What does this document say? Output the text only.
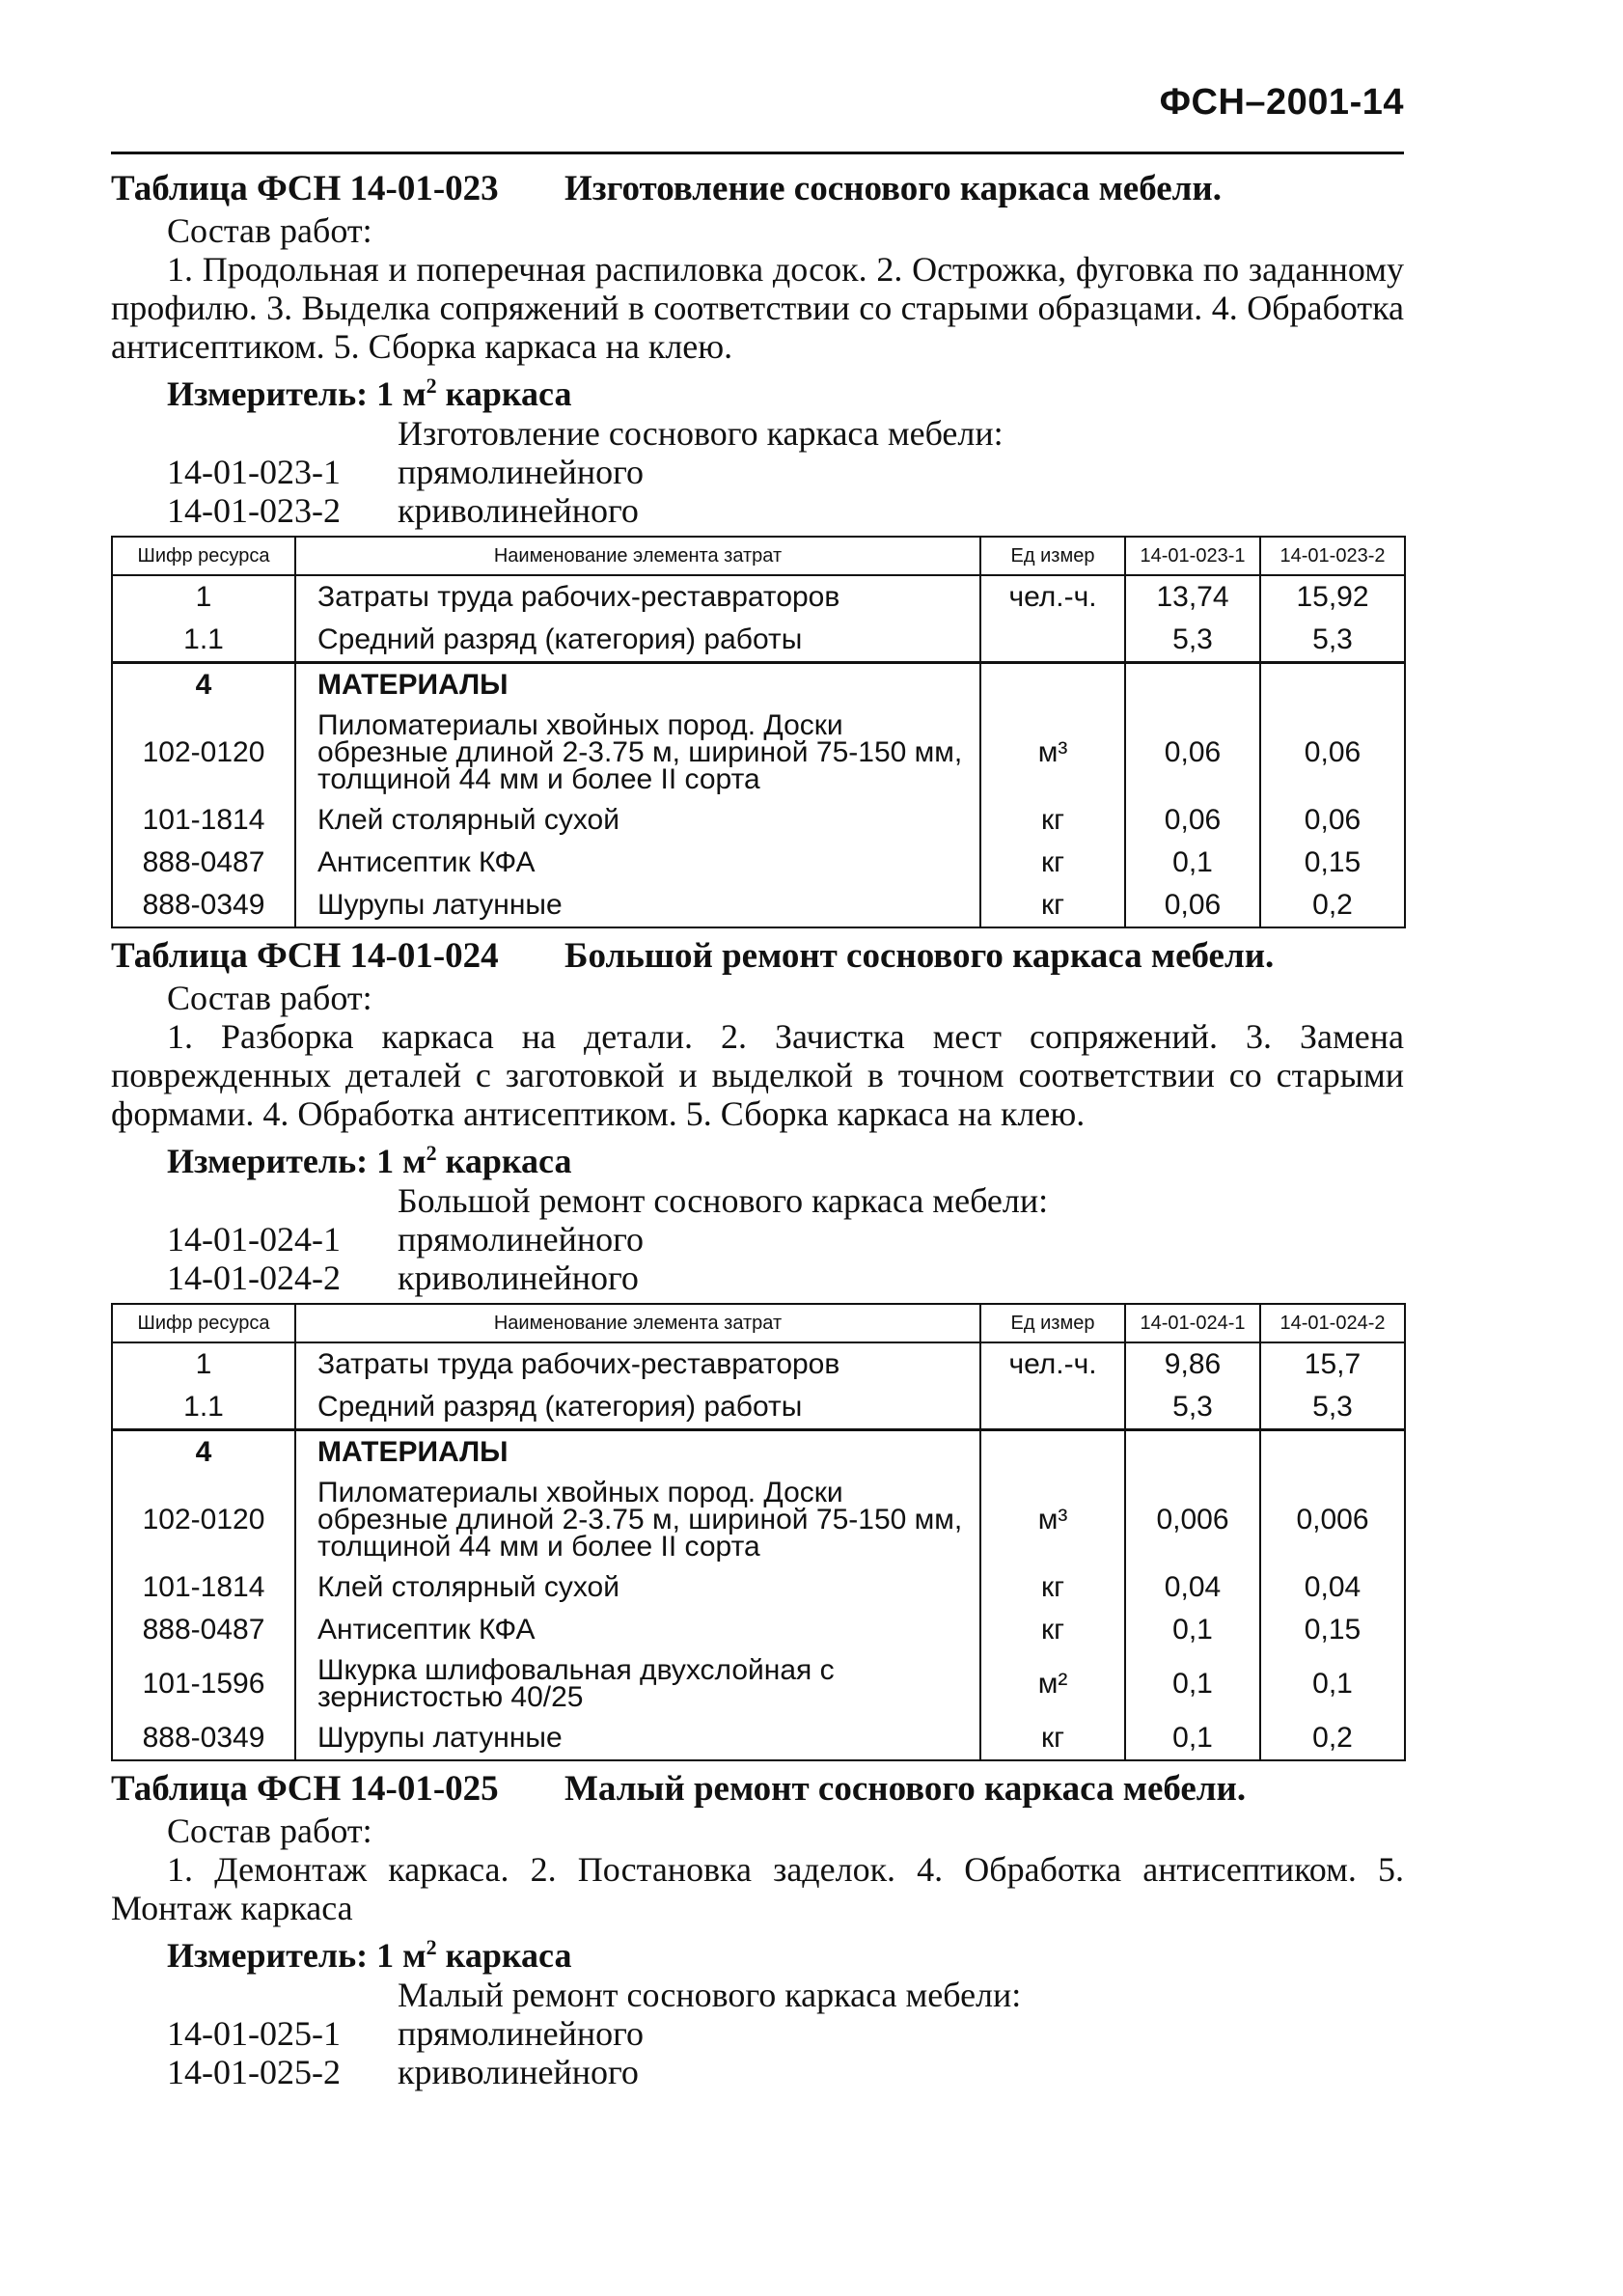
ФСН–2001-14
Таблица ФСН 14-01-023 Изготовление соснового каркаса мебели.
Состав работ:
1. Продольная и поперечная распиловка досок. 2. Острожка, фуговка по заданному профилю. 3. Выделка сопряжений в соответствии со старыми образцами. 4. Обработка антисептиком. 5. Сборка каркаса на клею.
Измеритель: 1 $м^2$ каркаса
Изготовление соснового каркаса мебели:
14-01-023-1 прямолинейного
14-01-023-2 криволинейного
Шифр ресурса	Наименование элемента затрат	Ед измер	14-01-023-1	14-01-023-2
1	Затраты труда рабочих-реставраторов	чел.-ч.	13,74	15,92
1.1	Средний разряд (категория) работы		5,3	5,3
4	МАТЕРИАЛЫ			
102-0120	Пиломатериалы хвойных пород. Доски обрезные длиной 2-3.75 м, шириной 75-150 мм, толщиной 44 мм и более II сорта	м³	0,06	0,06
101-1814	Клей столярный сухой	кг	0,06	0,06
888-0487	Антисептик КФА	кг	0,1	0,15
888-0349	Шурупы латунные	кг	0,06	0,2
Таблица ФСН 14-01-024 Большой ремонт соснового каркаса мебели.
Состав работ:
1. Разборка каркаса на детали. 2. Зачистка мест сопряжений. 3. Замена поврежденных деталей с заготовкой и выделкой в точном соответствии со старыми формами. 4. Обработка антисептиком. 5. Сборка каркаса на клею.
Измеритель: 1 $м^2$ каркаса
Большой ремонт соснового каркаса мебели:
14-01-024-1 прямолинейного
14-01-024-2 криволинейного
Шифр ресурса	Наименование элемента затрат	Ед измер	14-01-024-1	14-01-024-2
1	Затраты труда рабочих-реставраторов	чел.-ч.	9,86	15,7
1.1	Средний разряд (категория) работы		5,3	5,3
4	МАТЕРИАЛЫ			
102-0120	Пиломатериалы хвойных пород. Доски обрезные длиной 2-3.75 м, шириной 75-150 мм, толщиной 44 мм и более II сорта	м³	0,006	0,006
101-1814	Клей столярный сухой	кг	0,04	0,04
888-0487	Антисептик КФА	кг	0,1	0,15
101-1596	Шкурка шлифовальная двухслойная с зернистостью 40/25	м²	0,1	0,1
888-0349	Шурупы латунные	кг	0,1	0,2
Таблица ФСН 14-01-025 Малый ремонт соснового каркаса мебели.
Состав работ:
1. Демонтаж каркаса. 2. Постановка заделок. 4. Обработка антисептиком. 5. Монтаж каркаса
Измеритель: 1 $м^2$ каркаса
Малый ремонт соснового каркаса мебели:
14-01-025-1 прямолинейного
14-01-025-2 криволинейного
